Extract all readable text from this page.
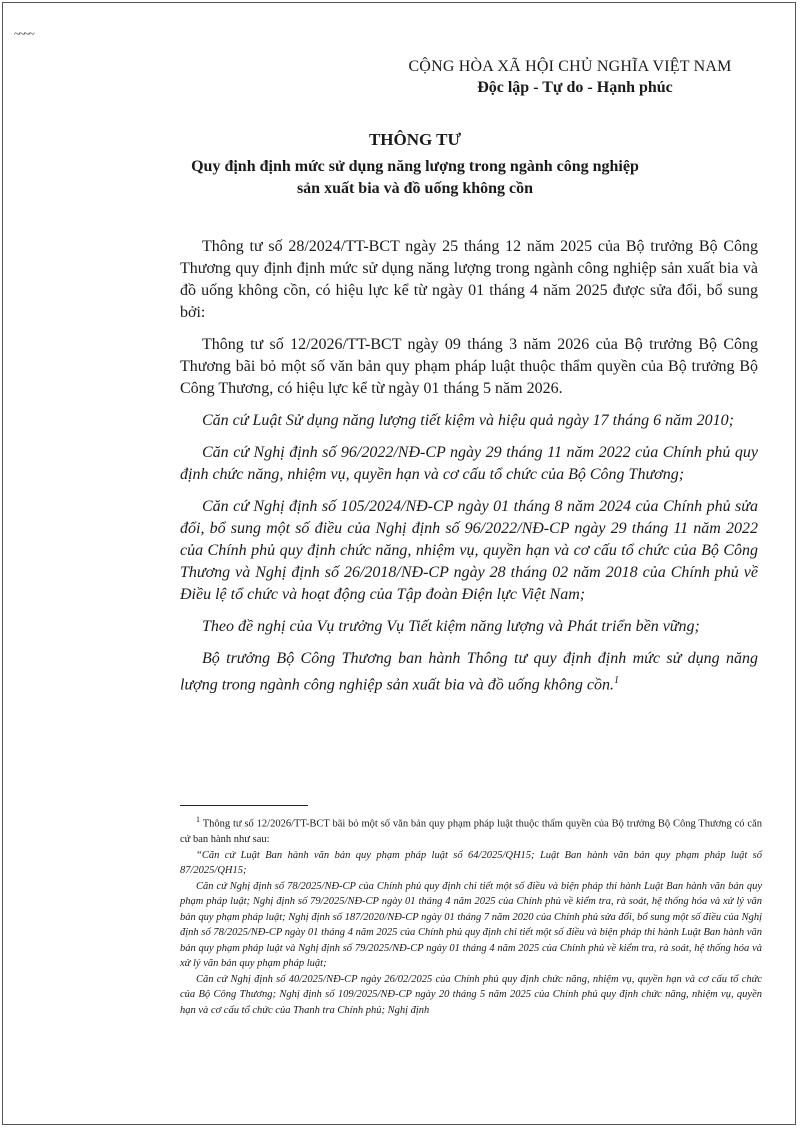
~~~~

CỘNG HÒA XÃ HỘI CHỦ NGHĨA VIỆT NAM

Độc lập - Tự do - Hạnh phúc

THÔNG TƯ

Quy định định mức sử dụng năng lượng trong ngành công nghiệp
sản xuất bia và đồ uống không cồn

Thông tư số 28/2024/TT-BCT ngày 25 tháng 12 năm 2025 của Bộ trưởng Bộ Công Thương quy định định mức sử dụng năng lượng trong ngành công nghiệp sản xuất bia và đồ uống không cồn, có hiệu lực kể từ ngày 01 tháng 4 năm 2025 được sửa đổi, bổ sung bởi:

Thông tư số 12/2026/TT-BCT ngày 09 tháng 3 năm 2026 của Bộ trưởng Bộ Công Thương bãi bỏ một số văn bản quy phạm pháp luật thuộc thẩm quyền của Bộ trưởng Bộ Công Thương, có hiệu lực kể từ ngày 01 tháng 5 năm 2026.

Căn cứ Luật Sử dụng năng lượng tiết kiệm và hiệu quả ngày 17 tháng 6 năm 2010;

Căn cứ Nghị định số 96/2022/NĐ-CP ngày 29 tháng 11 năm 2022 của Chính phủ quy định chức năng, nhiệm vụ, quyền hạn và cơ cấu tổ chức của Bộ Công Thương;

Căn cứ Nghị định số 105/2024/NĐ-CP ngày 01 tháng 8 năm 2024 của Chính phủ sửa đổi, bổ sung một số điều của Nghị định số 96/2022/NĐ-CP ngày 29 tháng 11 năm 2022 của Chính phủ quy định chức năng, nhiệm vụ, quyền hạn và cơ cấu tổ chức của Bộ Công Thương và Nghị định số 26/2018/NĐ-CP ngày 28 tháng 02 năm 2018 của Chính phủ về Điều lệ tổ chức và hoạt động của Tập đoàn Điện lực Việt Nam;

Theo đề nghị của Vụ trưởng Vụ Tiết kiệm năng lượng và Phát triển bền vững;

Bộ trưởng Bộ Công Thương ban hành Thông tư quy định định mức sử dụng năng lượng trong ngành công nghiệp sản xuất bia và đồ uống không cồn.$^1$

$^1$ Thông tư số 12/2026/TT-BCT bãi bỏ một số văn bản quy phạm pháp luật thuộc thẩm quyền của Bộ trưởng Bộ Công Thương có căn cứ ban hành như sau:

“Căn cứ Luật Ban hành văn bản quy phạm pháp luật số 64/2025/QH15; Luật Ban hành văn bản quy phạm pháp luật số 87/2025/QH15;

Căn cứ Nghị định số 78/2025/NĐ-CP của Chính phủ quy định chi tiết một số điều và biện pháp thi hành Luật Ban hành văn bản quy phạm pháp luật; Nghị định số 79/2025/NĐ-CP ngày 01 tháng 4 năm 2025 của Chính phủ về kiểm tra, rà soát, hệ thống hóa và xử lý văn bản quy phạm pháp luật; Nghị định số 187/2020/NĐ-CP ngày 01 tháng 7 năm 2020 của Chính phủ sửa đổi, bổ sung một số điều của Nghị định số 78/2025/NĐ-CP ngày 01 tháng 4 năm 2025 của Chính phủ quy định chi tiết một số điều và biện pháp thi hành Luật Ban hành văn bản quy phạm pháp luật và Nghị định số 79/2025/NĐ-CP ngày 01 tháng 4 năm 2025 của Chính phủ về kiểm tra, rà soát, hệ thống hóa và xử lý văn bản quy phạm pháp luật;

Căn cứ Nghị định số 40/2025/NĐ-CP ngày 26/02/2025 của Chính phủ quy định chức năng, nhiệm vụ, quyền hạn và cơ cấu tổ chức của Bộ Công Thương; Nghị định số 109/2025/NĐ-CP ngày 20 tháng 5 năm 2025 của Chính phủ quy định chức năng, nhiệm vụ, quyền hạn và cơ cấu tổ chức của Thanh tra Chính phủ; Nghị định
